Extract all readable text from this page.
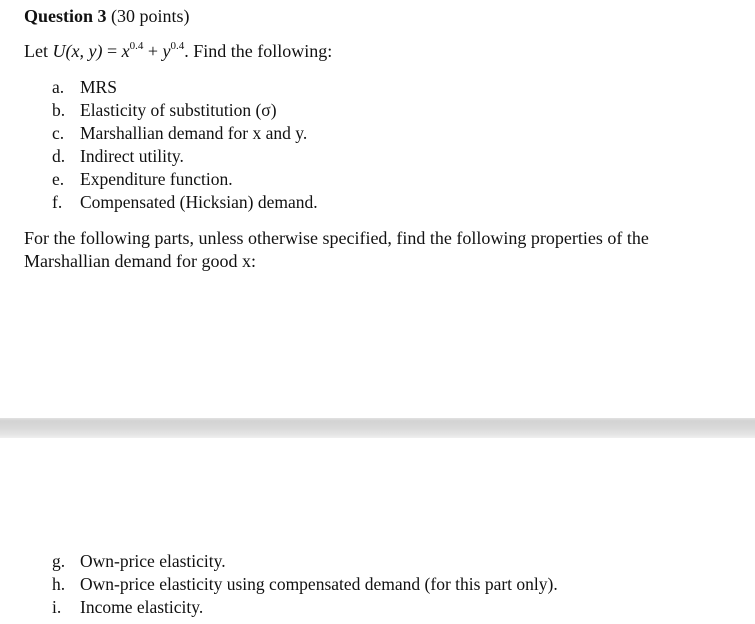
Question 3 (30 points)
Let U(x, $y) = x^{0.4} + y^{0.4}$. Find the following:
a. MRS
b. Elasticity of substitution (σ)
c. Marshallian demand for x and y.
d. Indirect utility.
e. Expenditure function.
f. Compensated (Hicksian) demand.
For the following parts, unless otherwise specified, find the following properties of the Marshallian demand for good x:
g. Own-price elasticity.
h. Own-price elasticity using compensated demand (for this part only).
i. Income elasticity.
